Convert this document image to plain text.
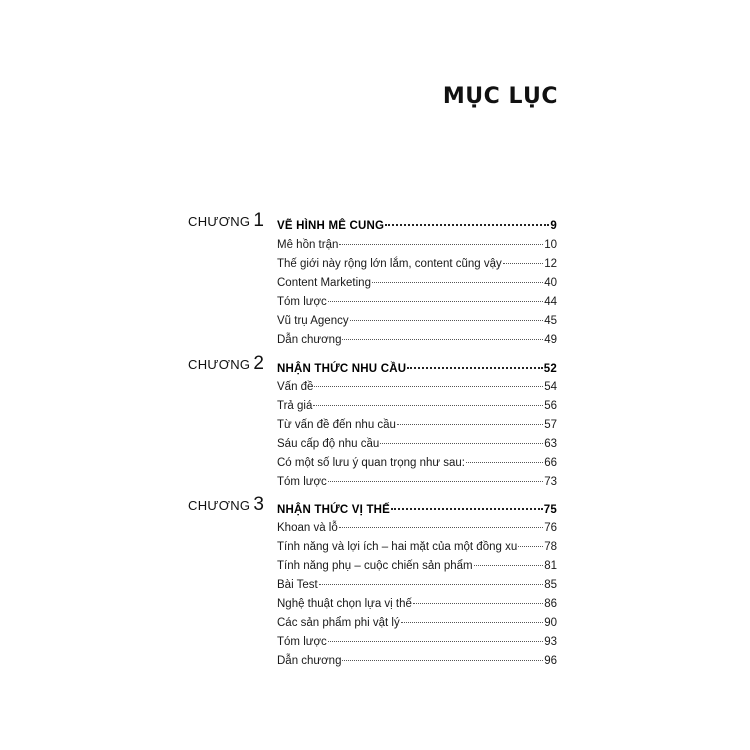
MỤC LỤC
CHƯƠNG 1 VẼ HÌNH MÊ CUNG	9
Mê hồn trận	10
Thế giới này rộng lớn lắm, content cũng vậy	12
Content Marketing	40
Tóm lược	44
Vũ trụ Agency	45
Dẫn chương	49
CHƯƠNG 2 NHẬN THỨC NHU CẦU	52
Vấn đề	54
Trả giá	56
Từ vấn đề đến nhu cầu	57
Sáu cấp độ nhu cầu	63
Có một số lưu ý quan trọng như sau:	66
Tóm lược	73
CHƯƠNG 3 NHẬN THỨC VỊ THẾ	75
Khoan và lỗ	76
Tính năng và lợi ích – hai mặt của một đồng xu 78
Tính năng phụ – cuộc chiến sản phẩm	81
Bài Test	85
Nghệ thuật chọn lựa vị thế	86
Các sản phẩm phi vật lý	90
Tóm lược	93
Dẫn chương	96
